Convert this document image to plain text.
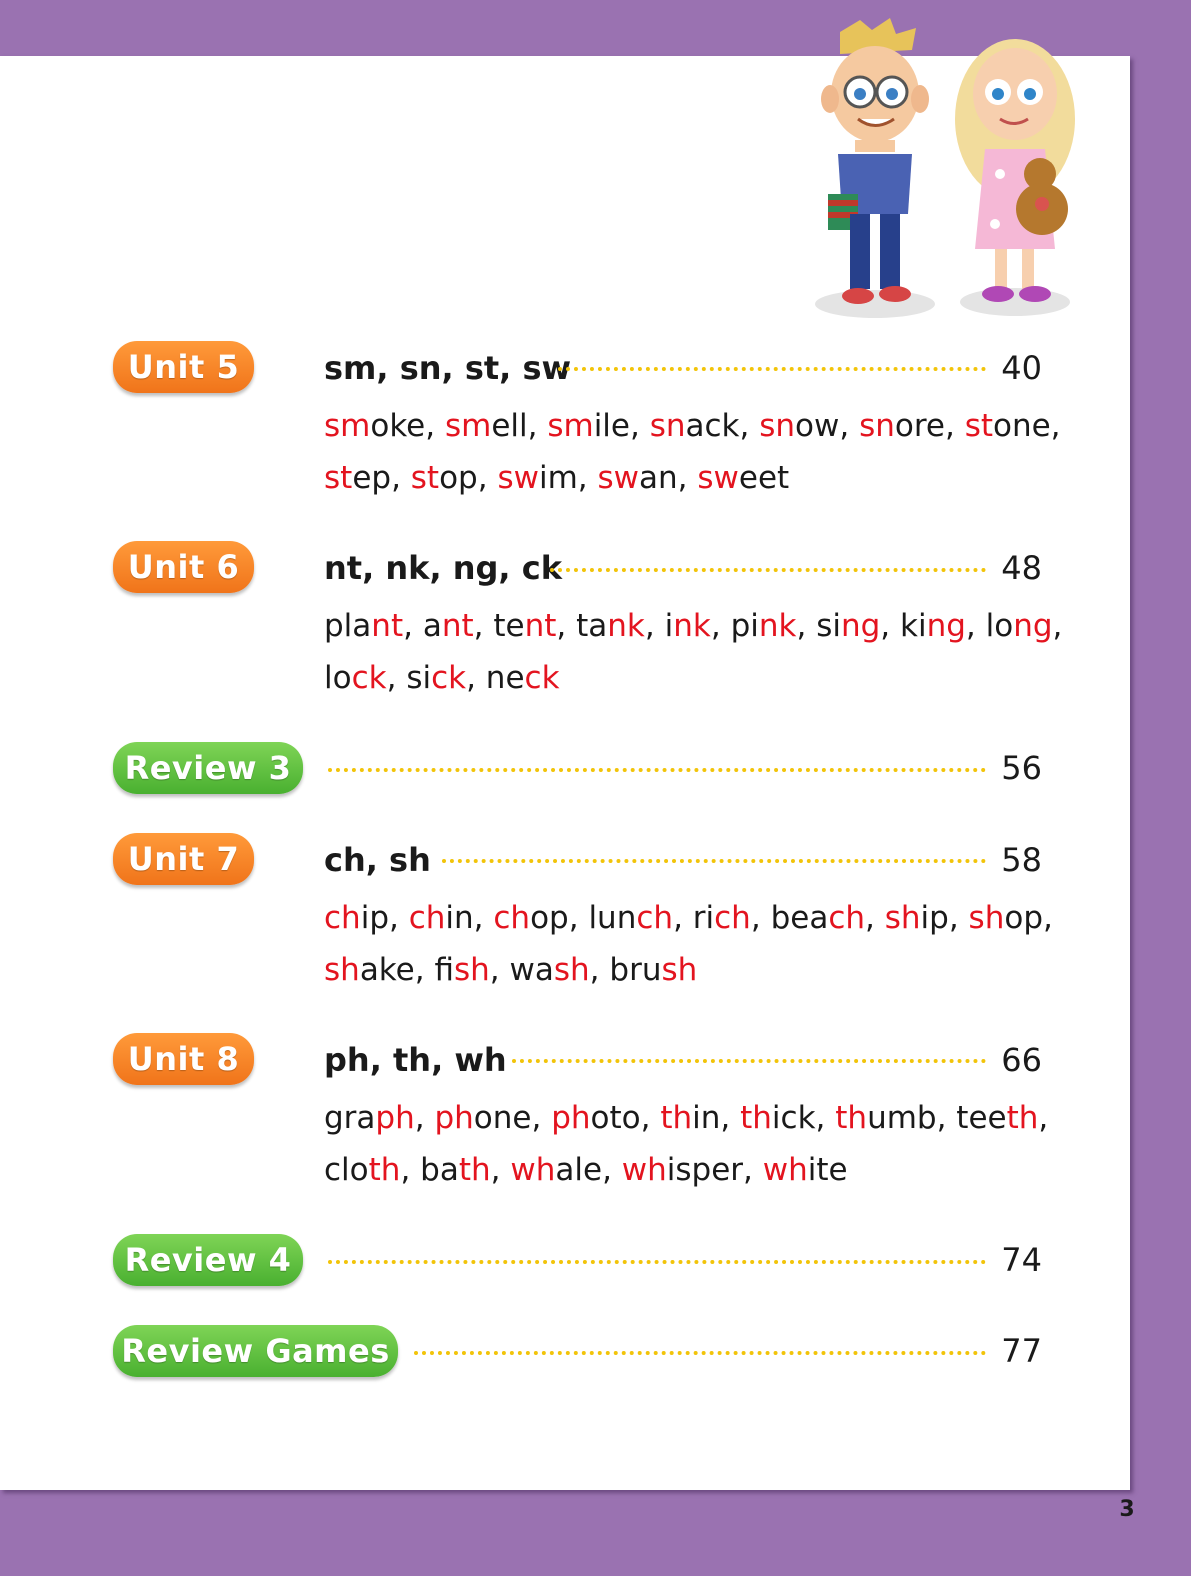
Unit 5	sm, sn, st, sw	40
smoke, smell, smile, snack, snow, snore, stone,
step, stop, swim, swan, sweet
Unit 6	nt, nk, ng, ck	48
plant, ant, tent, tank, ink, pink, sing, king, long,
lock, sick, neck
Review 3	56
Unit 7	ch, sh	58
chip, chin, chop, lunch, rich, beach, ship, shop,
shake, fish, wash, brush
Unit 8	ph, th, wh	66
graph, phone, photo, thin, thick, thumb, teeth,
cloth, bath, whale, whisper, white
Review 4	74
Review Games	77
3
